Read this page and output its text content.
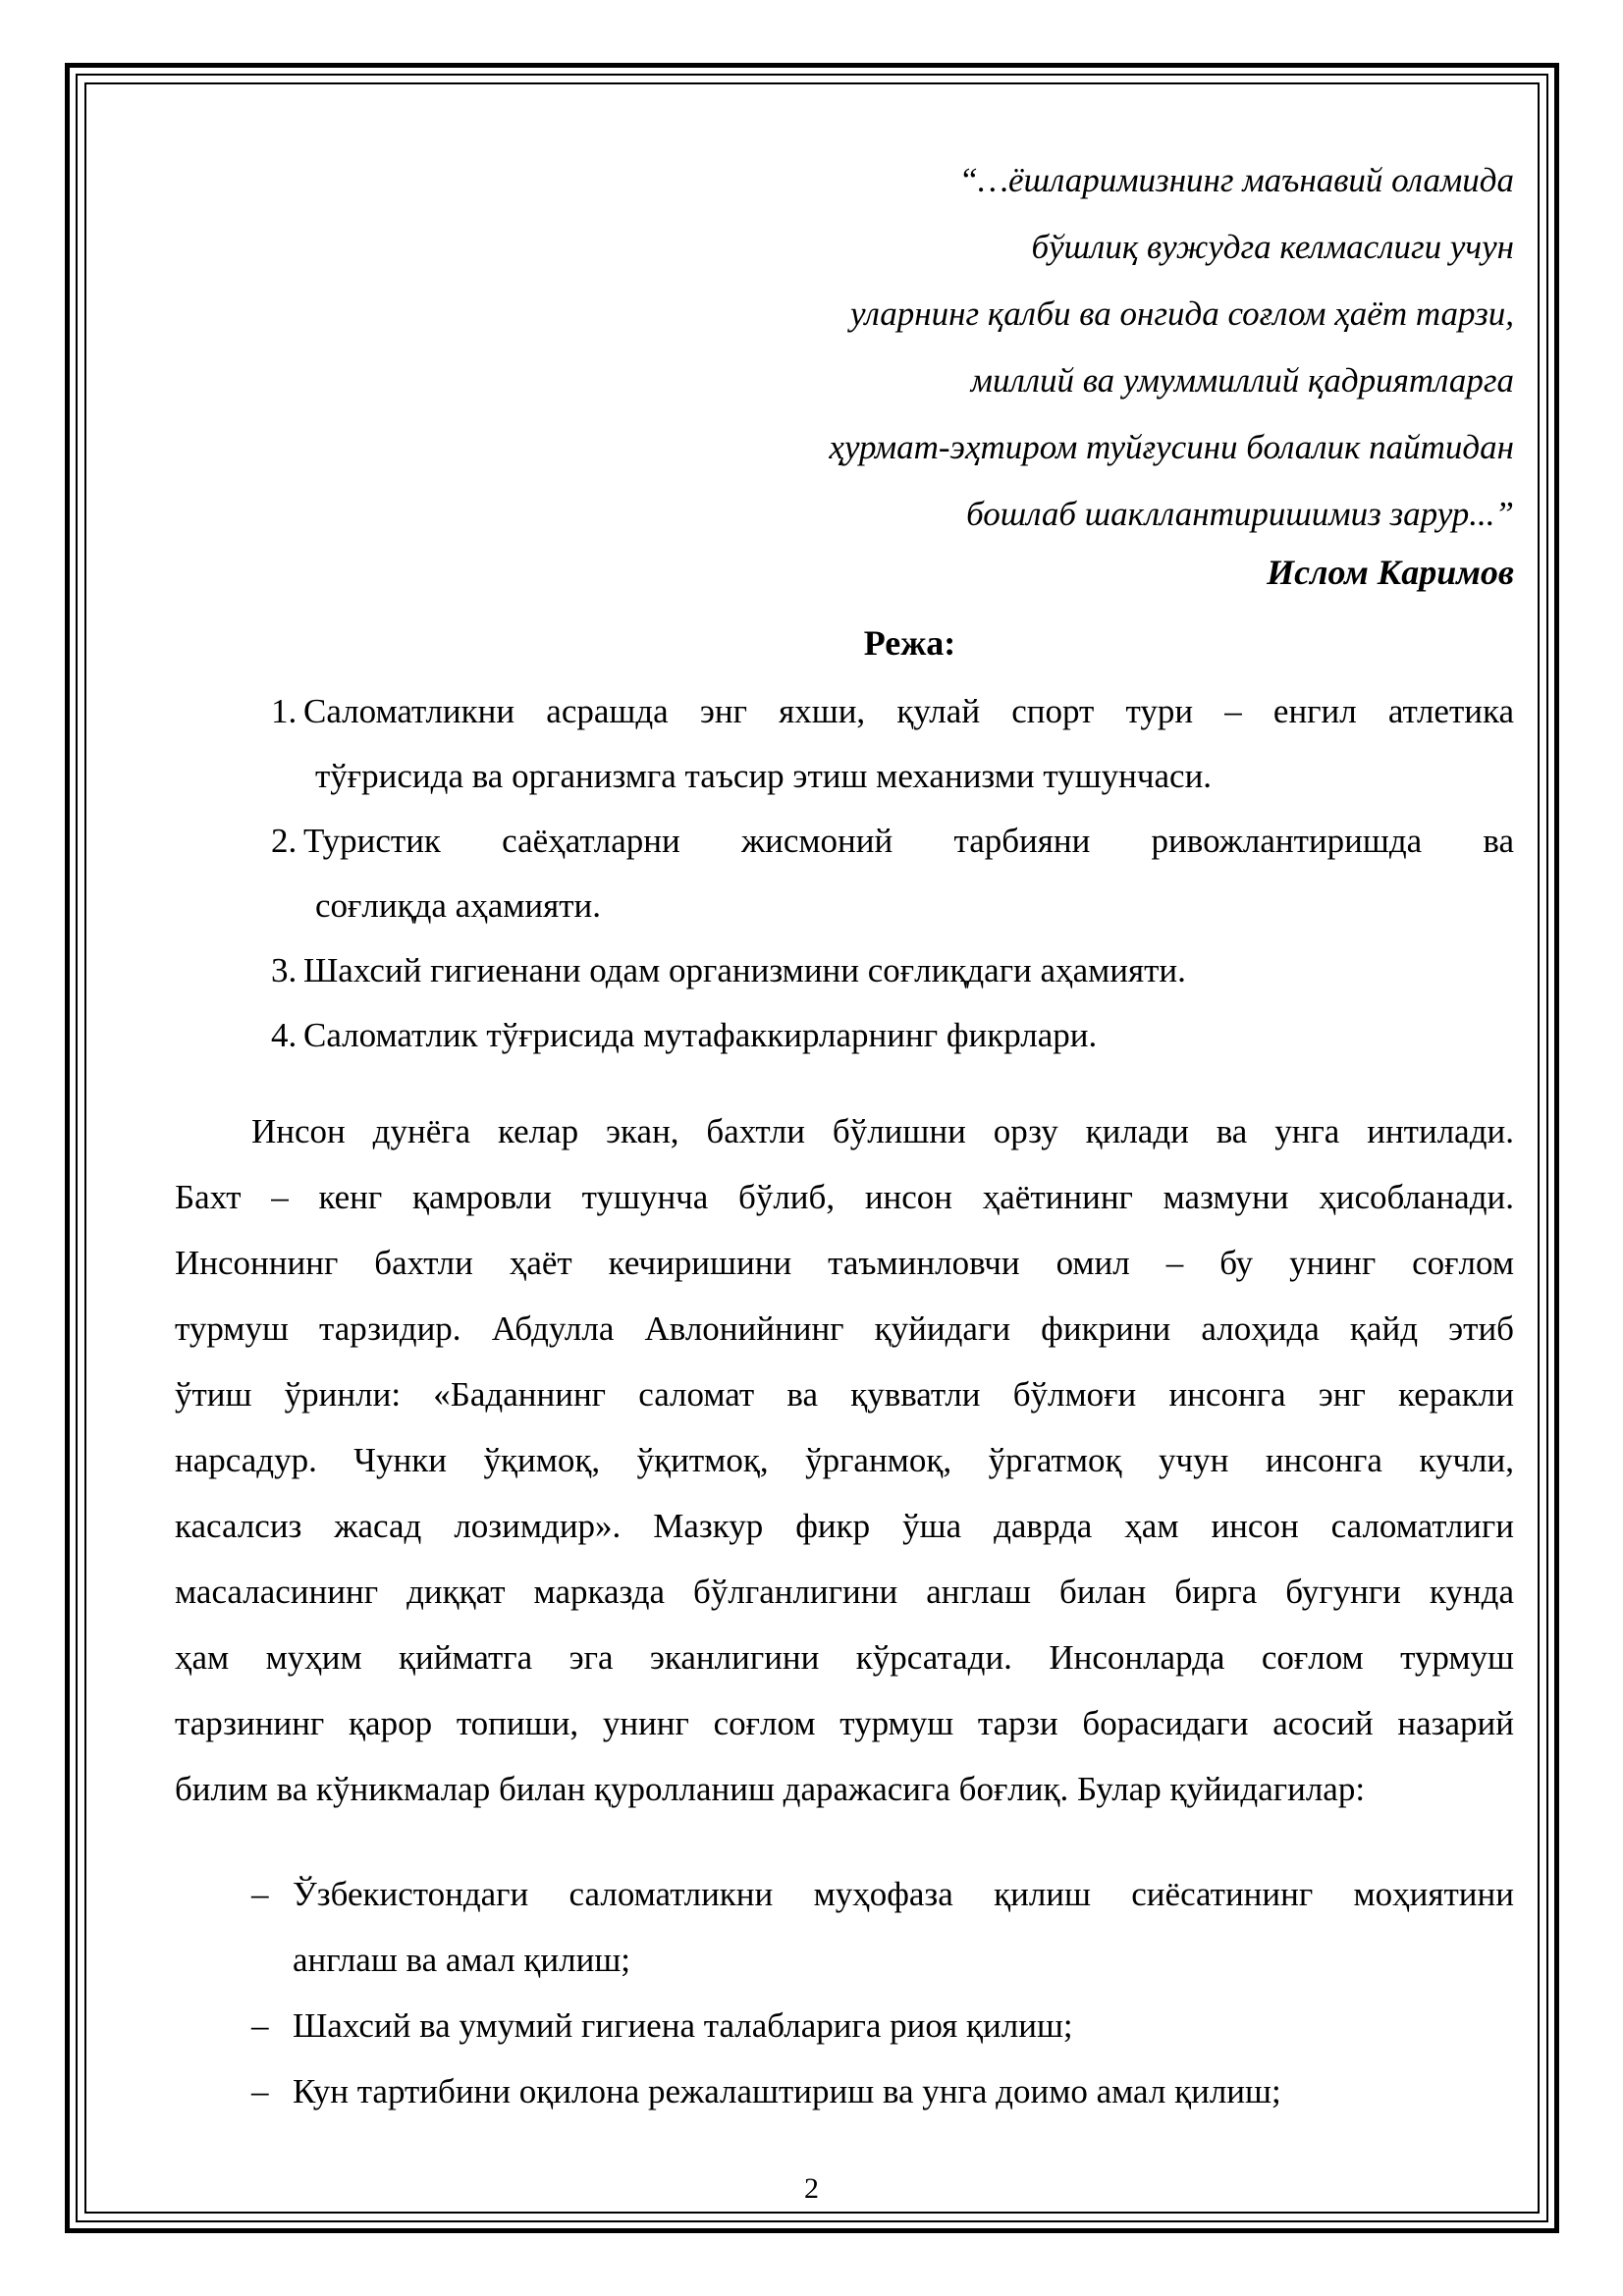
“…ёшларимизнинг маънавий оламида
бўшлиқ вужудга келмаслиги учун
уларнинг қалби ва онгида соғлом ҳаёт тарзи,
миллий ва умуммиллий қадриятларга
ҳурмат-эҳтиром туйғусини болалик пайтидан
бошлаб шакллантиришимиз зарур...”
Ислом Каримов
Режа:
1. Саломатликни асрашда энг яхши, қулай спорт тури – енгил атлетика
тўғрисида ва организмга таъсир этиш механизми тушунчаси.
2. Туристик саёҳатларни жисмоний тарбияни ривожлантиришда ва
соғлиқда аҳамияти.
3. Шахсий гигиенани одам организмини соғлиқдаги аҳамияти.
4. Саломатлик тўғрисида мутафаккирларнинг фикрлари.
Инсон дунёга келар экан, бахтли бўлишни орзу қилади ва унга интилади.
Бахт – кенг қамровли тушунча бўлиб, инсон ҳаётининг мазмуни ҳисобланади.
Инсоннинг бахтли ҳаёт кечиришини таъминловчи омил – бу унинг соғлом
турмуш тарзидир. Абдулла Авлонийнинг қуйидаги фикрини алоҳида қайд этиб
ўтиш ўринли: «Баданнинг саломат ва қувватли бўлмоғи инсонга энг керакли
нарсадур. Чунки ўқимоқ, ўқитмоқ, ўрганмоқ, ўргатмоқ учун инсонга кучли,
касалсиз жасад лозимдир». Мазкур фикр ўша даврда ҳам инсон саломатлиги
масаласининг диққат марказда бўлганлигини англаш билан бирга бугунги кунда
ҳам муҳим қийматга эга эканлигини кўрсатади. Инсонларда соғлом турмуш
тарзининг қарор топиши, унинг соғлом турмуш тарзи борасидаги асосий назарий
билим ва кўникмалар билан қуролланиш даражасига боғлиқ. Булар қуйидагилар:
– Ўзбекистондаги саломатликни муҳофаза қилиш сиёсатининг моҳиятини
англаш ва амал қилиш;
– Шахсий ва умумий гигиена талабларига риоя қилиш;
– Кун тартибини оқилона режалаштириш ва унга доимо амал қилиш;
2
